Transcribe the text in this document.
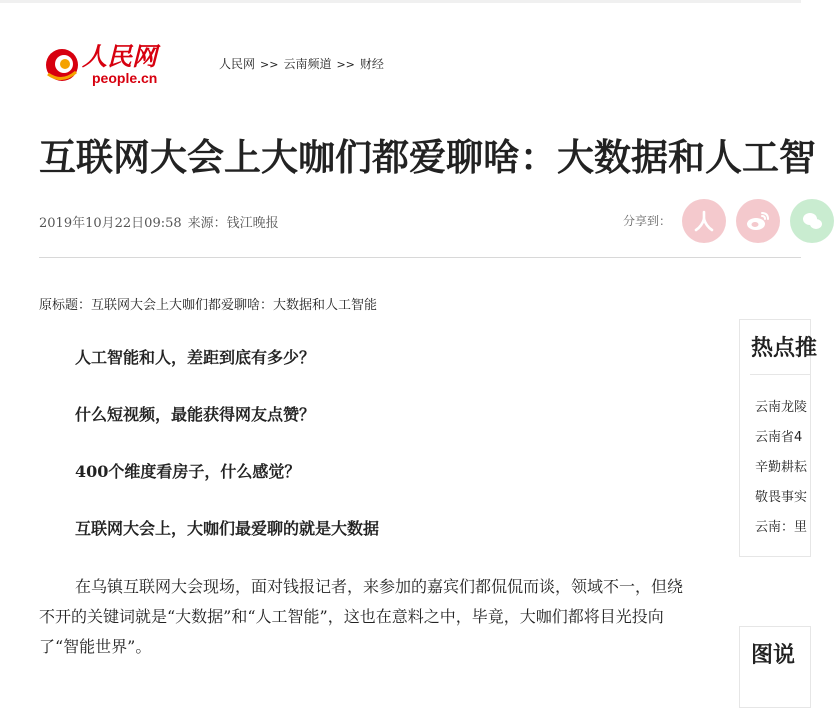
人民网
people.cn
人民网 >> 云南频道 >> 财经
互联网大会上大咖们都爱聊啥：大数据和人工智
2019年10月22日09:58 来源：钱江晚报	分享到：
原标题：互联网大会上大咖们都爱聊啥：大数据和人工智能

人工智能和人，差距到底有多少？

什么短视频，最能获得网友点赞？

400个维度看房子，什么感觉？

互联网大会上，大咖们最爱聊的就是大数据

在乌镇互联网大会现场，面对钱报记者，来参加的嘉宾们都侃侃而谈，领域不一，但绕不开的关键词就是“大数据”和“人工智能”，这也在意料之中，毕竟，大咖们都将目光投向了“智能世界”。

热点推
云南龙陵
云南省4
辛勤耕耘
敬畏事实
云南：里
图说
